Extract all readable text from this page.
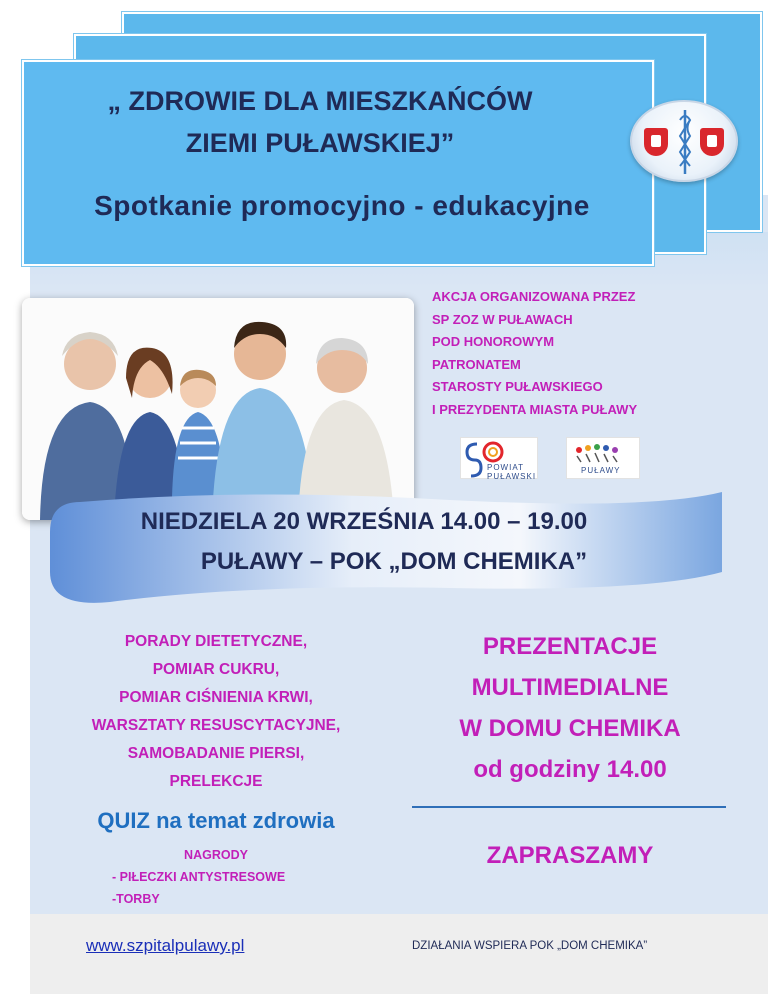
„ ZDROWIE DLA MIESZKAŃCÓW
ZIEMI PUŁAWSKIEJ”
Spotkanie promocyjno - edukacyjne
AKCJA ORGANIZOWANA PRZEZ
SP ZOZ W PUŁAWACH
POD HONOROWYM
PATRONATEM
STAROSTY PUŁAWSKIEGO
I PREZYDENTA MIASTA PUŁAWY
POWIAT PUŁAWSKI
PUŁAWY
NIEDZIELA 20 WRZEŚNIA 14.00 – 19.00
PUŁAWY – POK „DOM CHEMIKA”
PORADY DIETETYCZNE,
POMIAR CUKRU,
POMIAR CIŚNIENIA KRWI,
WARSZTATY RESUSCYTACYJNE,
SAMOBADANIE PIERSI,
PRELEKCJE
QUIZ na temat zdrowia
NAGRODY
- PIŁECZKI ANTYSTRESOWE
-TORBY
PREZENTACJE
MULTIMEDIALNE
W DOMU CHEMIKA
od godziny 14.00
ZAPRASZAMY
www.szpitalpulawy.pl	DZIAŁANIA WSPIERA POK „DOM CHEMIKA”
